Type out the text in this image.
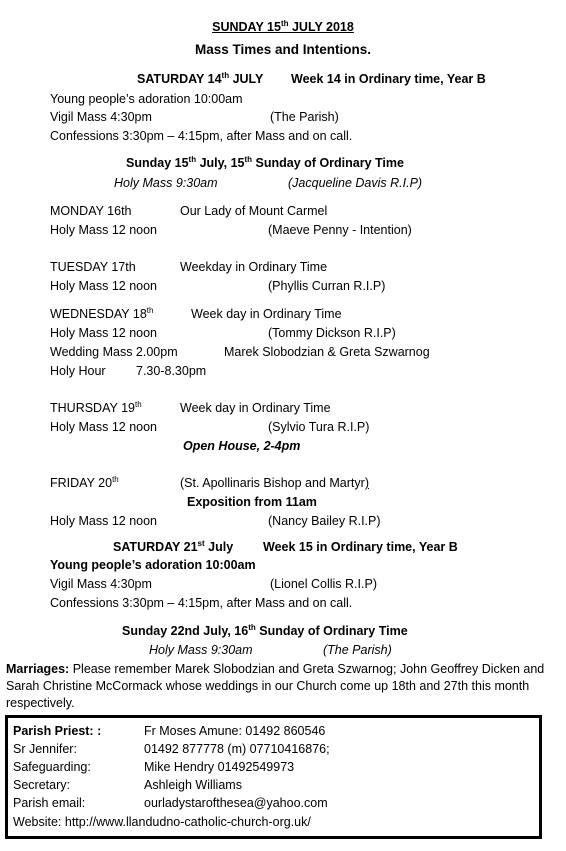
SUNDAY 15th JULY 2018
Mass Times and Intentions.
SATURDAY 14th JULY Week 14 in Ordinary time, Year B
Young people’s adoration 10:00am
Vigil Mass 4:30pm	(The Parish)
Confessions 3:30pm – 4:15pm, after Mass and on call.
Sunday 15th July, 15th Sunday of Ordinary Time
Holy Mass 9:30am	(Jacqueline Davis R.I.P)
MONDAY 16th	Our Lady of Mount Carmel
Holy Mass 12 noon	(Maeve Penny - Intention)
TUESDAY 17th	Weekday in Ordinary Time
Holy Mass 12 noon	(Phyllis Curran R.I.P)
WEDNESDAY 18th	Week day in Ordinary Time
Holy Mass 12 noon	(Tommy Dickson R.I.P)
Wedding Mass 2.00pm	Marek Slobodzian & Greta Szwarnog
Holy Hour 7.30-8.30pm
THURSDAY 19th	Week day in Ordinary Time
Holy Mass 12 noon	(Sylvio Tura R.I.P)
Open House, 2-4pm
FRIDAY 20th	(St. Apollinaris Bishop and Martyr)
Exposition from 11am
Holy Mass 12 noon	(Nancy Bailey R.I.P)
SATURDAY 21st July Week 15 in Ordinary time, Year B
Young people’s adoration 10:00am
Vigil Mass 4:30pm	(Lionel Collis R.I.P)
Confessions 3:30pm – 4:15pm, after Mass and on call.
Sunday 22nd July, 16th Sunday of Ordinary Time
Holy Mass 9:30am	(The Parish)
Marriages: Please remember Marek Slobodzian and Greta Szwarnog; John Geoffrey Dicken and Sarah Christine McCormack whose weddings in our Church come up 18th and 27th this month respectively.
Parish Priest: :	Fr Moses Amune: 01492 860546
Sr Jennifer:	01492 877778 (m) 07710416876;
Safeguarding:	Mike Hendry 01492549973
Secretary:	Ashleigh Williams
Parish email:	ourladystaroftheseа@yahoo.com
Website: http://www.llandudno-catholic-church-org.uk/
